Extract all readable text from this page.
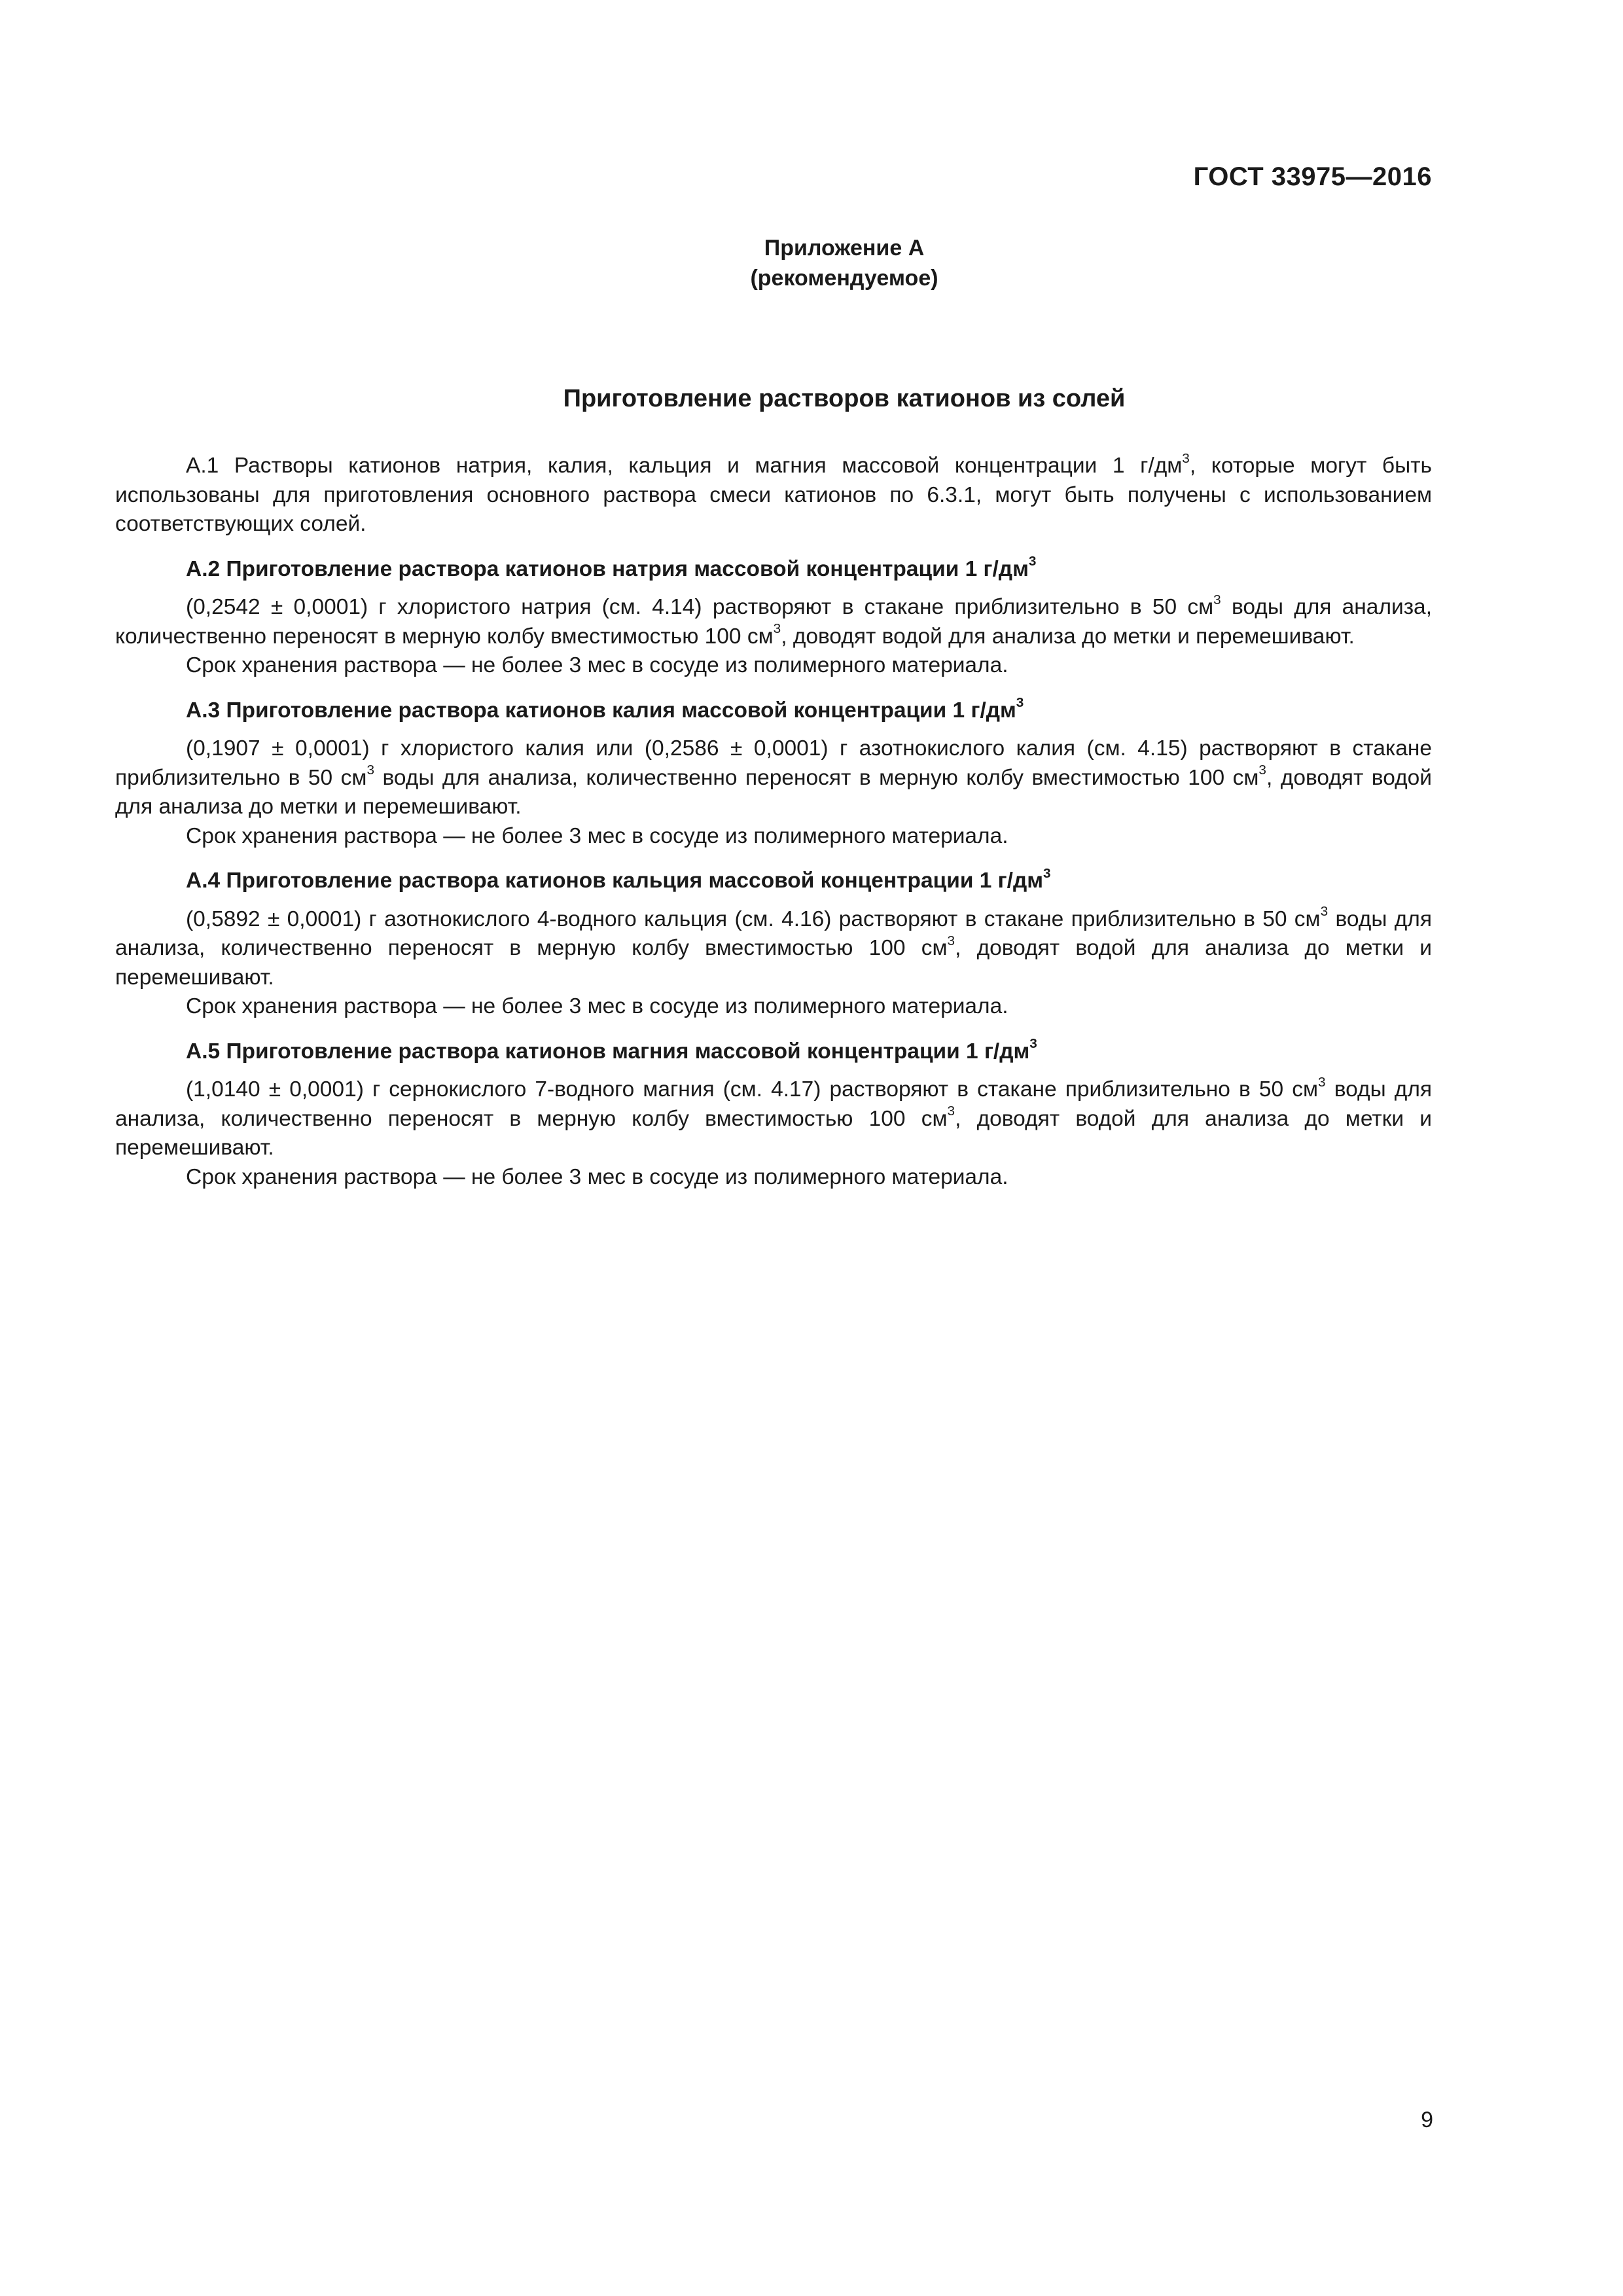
ГОСТ 33975—2016
Приложение А
(рекомендуемое)
Приготовление растворов катионов из солей

А.1 Растворы катионов натрия, калия, кальция и магния массовой концентрации 1 $г/дм^3$, которые могут быть использованы для приготовления основного раствора смеси катионов по 6.3.1, могут быть получены с использованием соответствующих солей.

А.2 Приготовление раствора катионов натрия массовой концентрации 1 $г/дм^3$

(0,2542 ± 0,0001) г хлористого натрия (см. 4.14) растворяют в стакане приблизительно в 50 $см^3$ воды для анализа, количественно переносят в мерную колбу вместимостью 100 $см^3$, доводят водой для анализа до метки и перемешивают.

Срок хранения раствора — не более 3 мес в сосуде из полимерного материала.

А.3 Приготовление раствора катионов калия массовой концентрации 1 $г/дм^3$

(0,1907 ± 0,0001) г хлористого калия или (0,2586 ± 0,0001) г азотнокислого калия (см. 4.15) растворяют в стакане приблизительно в 50 $см^3$ воды для анализа, количественно переносят в мерную колбу вместимостью 100 $см^3$, доводят водой для анализа до метки и перемешивают.

Срок хранения раствора — не более 3 мес в сосуде из полимерного материала.

А.4 Приготовление раствора катионов кальция массовой концентрации 1 $г/дм^3$

(0,5892 ± 0,0001) г азотнокислого 4-водного кальция (см. 4.16) растворяют в стакане приблизительно в 50 $см^3$ воды для анализа, количественно переносят в мерную колбу вместимостью 100 $см^3$, доводят водой для анализа до метки и перемешивают.

Срок хранения раствора — не более 3 мес в сосуде из полимерного материала.

А.5 Приготовление раствора катионов магния массовой концентрации 1 $г/дм^3$

(1,0140 ± 0,0001) г сернокислого 7-водного магния (см. 4.17) растворяют в стакане приблизительно в 50 $см^3$ воды для анализа, количественно переносят в мерную колбу вместимостью 100 $см^3$, доводят водой для анализа до метки и перемешивают.

Срок хранения раствора — не более 3 мес в сосуде из полимерного материала.

9
